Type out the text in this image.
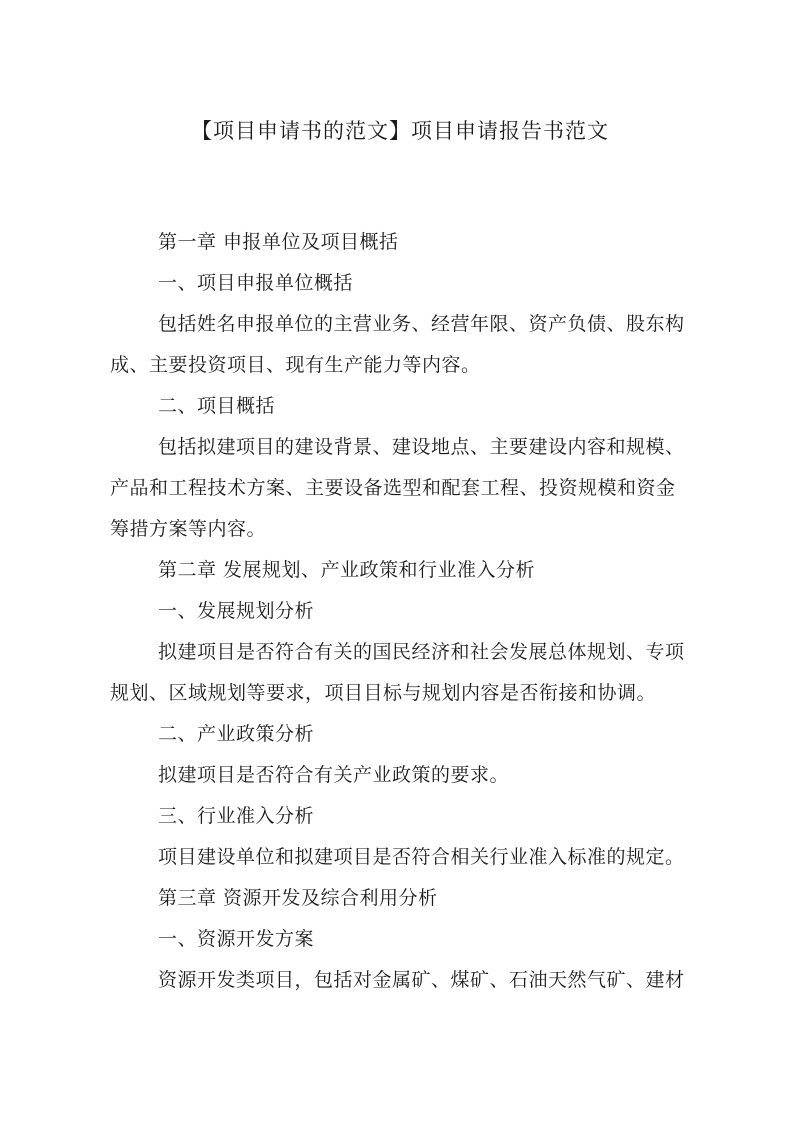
【项目申请书的范文】项目申请报告书范文
第一章 申报单位及项目概括
一、项目申报单位概括
包括姓名申报单位的主营业务、经营年限、资产负债、股东构
成、主要投资项目、现有生产能力等内容。
二、项目概括
包括拟建项目的建设背景、建设地点、主要建设内容和规模、
产品和工程技术方案、主要设备选型和配套工程、投资规模和资金
筹措方案等内容。
第二章 发展规划、产业政策和行业准入分析
一、发展规划分析
拟建项目是否符合有关的国民经济和社会发展总体规划、专项
规划、区域规划等要求，项目目标与规划内容是否衔接和协调。
二、产业政策分析
拟建项目是否符合有关产业政策的要求。
三、行业准入分析
项目建设单位和拟建项目是否符合相关行业准入标准的规定。
第三章 资源开发及综合利用分析
一、资源开发方案
资源开发类项目，包括对金属矿、煤矿、石油天然气矿、建材
